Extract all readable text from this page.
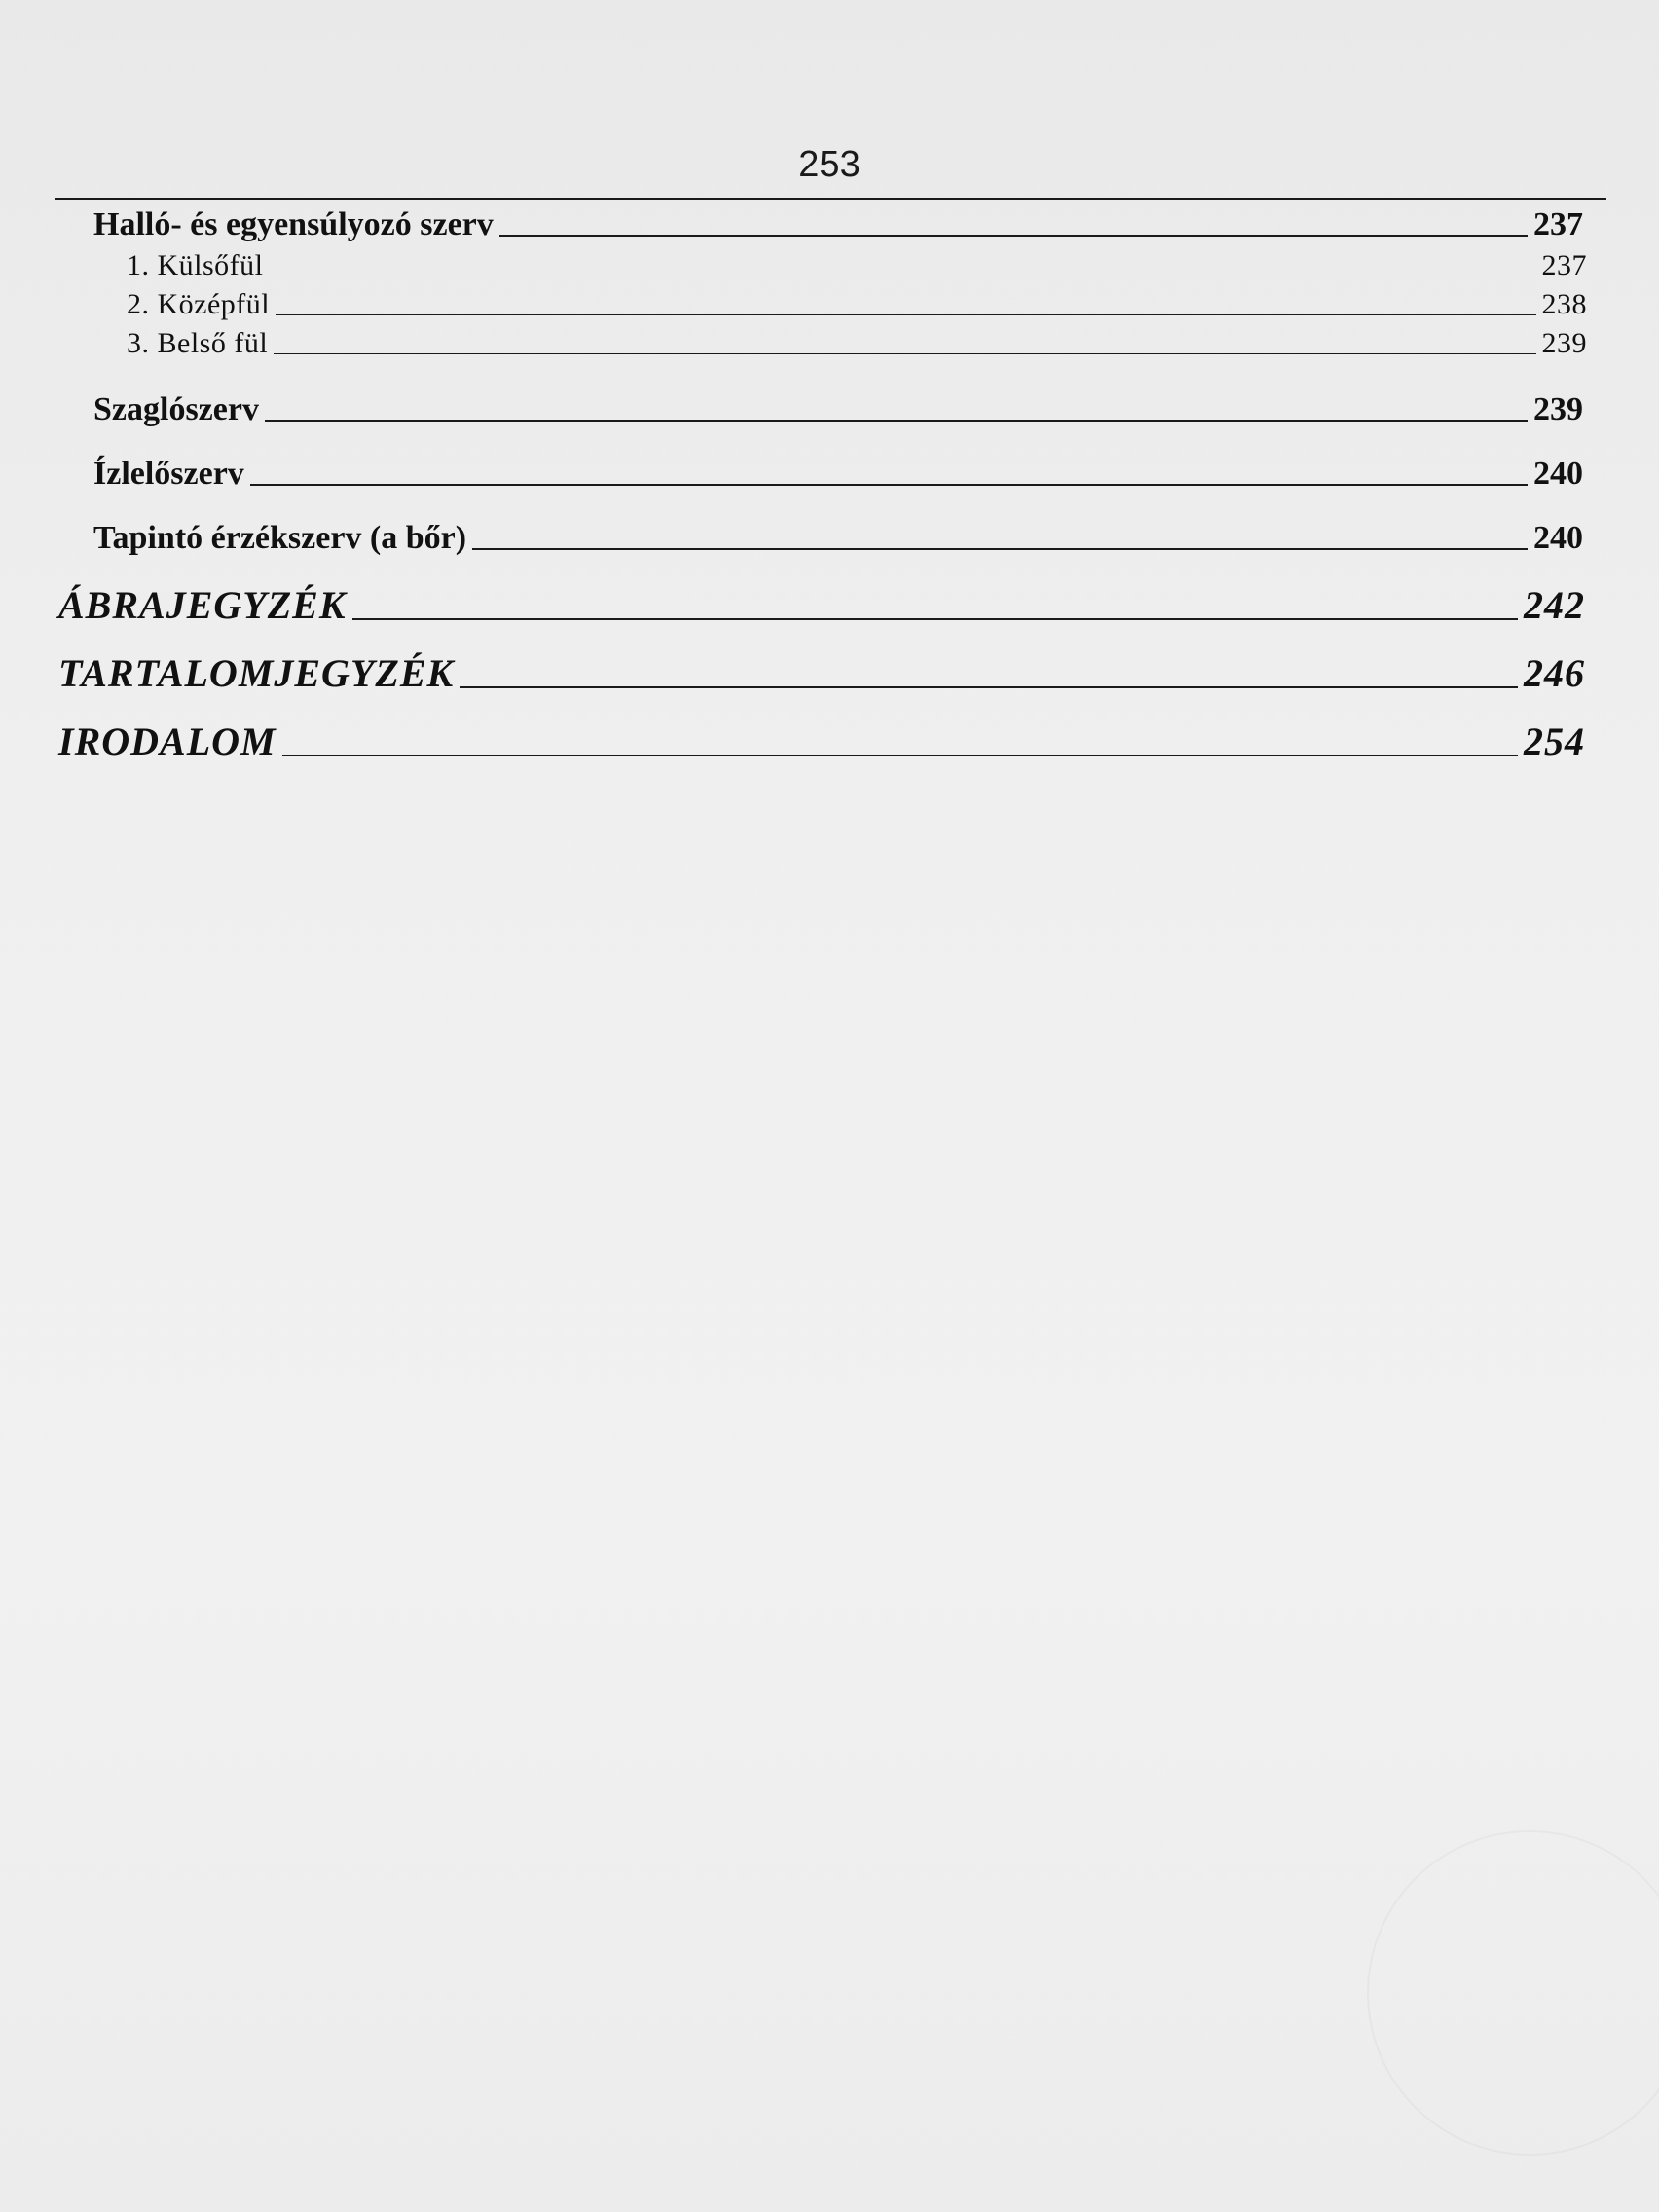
253
Halló- és egyensúlyozó szerv	237
1. Külsőfül	237
2. Középfül	238
3. Belső fül	239
Szaglószerv	239
Ízlelőszerv	240
Tapintó érzékszerv (a bőr)	240
ÁBRAJEGYZÉK	242
TARTALOMJEGYZÉK	246
IRODALOM	254
